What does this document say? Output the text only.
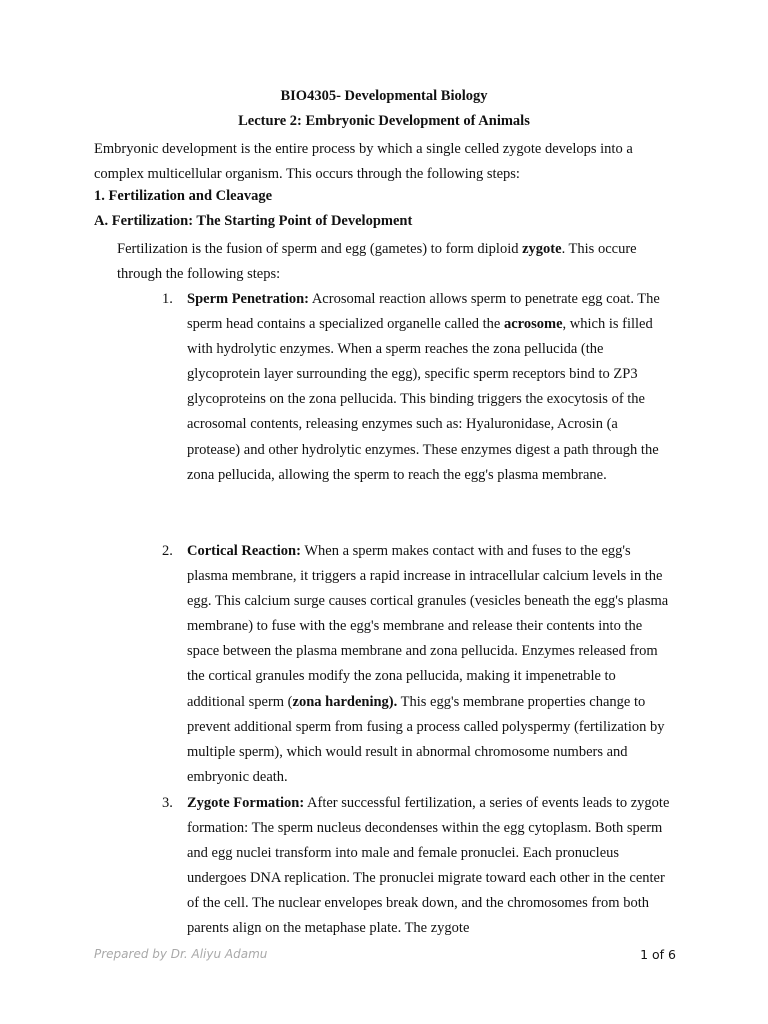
BIO4305- Developmental Biology
Lecture 2: Embryonic Development of Animals
Embryonic development is the entire process by which a single celled zygote develops into a complex multicellular organism. This occurs through the following steps:
1. Fertilization and Cleavage
A. Fertilization: The Starting Point of Development
Fertilization is the fusion of sperm and egg (gametes) to form diploid zygote. This occure through the following steps:
1. Sperm Penetration: Acrosomal reaction allows sperm to penetrate egg coat. The sperm head contains a specialized organelle called the acrosome, which is filled with hydrolytic enzymes. When a sperm reaches the zona pellucida (the glycoprotein layer surrounding the egg), specific sperm receptors bind to ZP3 glycoproteins on the zona pellucida. This binding triggers the exocytosis of the acrosomal contents, releasing enzymes such as: Hyaluronidase, Acrosin (a protease) and other hydrolytic enzymes. These enzymes digest a path through the zona pellucida, allowing the sperm to reach the egg's plasma membrane.
2. Cortical Reaction: When a sperm makes contact with and fuses to the egg's plasma membrane, it triggers a rapid increase in intracellular calcium levels in the egg. This calcium surge causes cortical granules (vesicles beneath the egg's plasma membrane) to fuse with the egg's membrane and release their contents into the space between the plasma membrane and zona pellucida. Enzymes released from the cortical granules modify the zona pellucida, making it impenetrable to additional sperm (zona hardening). This egg's membrane properties change to prevent additional sperm from fusing a process called polyspermy (fertilization by multiple sperm), which would result in abnormal chromosome numbers and embryonic death.
3. Zygote Formation: After successful fertilization, a series of events leads to zygote formation: The sperm nucleus decondenses within the egg cytoplasm. Both sperm and egg nuclei transform into male and female pronuclei. Each pronucleus undergoes DNA replication. The pronuclei migrate toward each other in the center of the cell. The nuclear envelopes break down, and the chromosomes from both parents align on the metaphase plate. The zygote
Prepared by Dr. Aliyu Adamu	1 of 6
